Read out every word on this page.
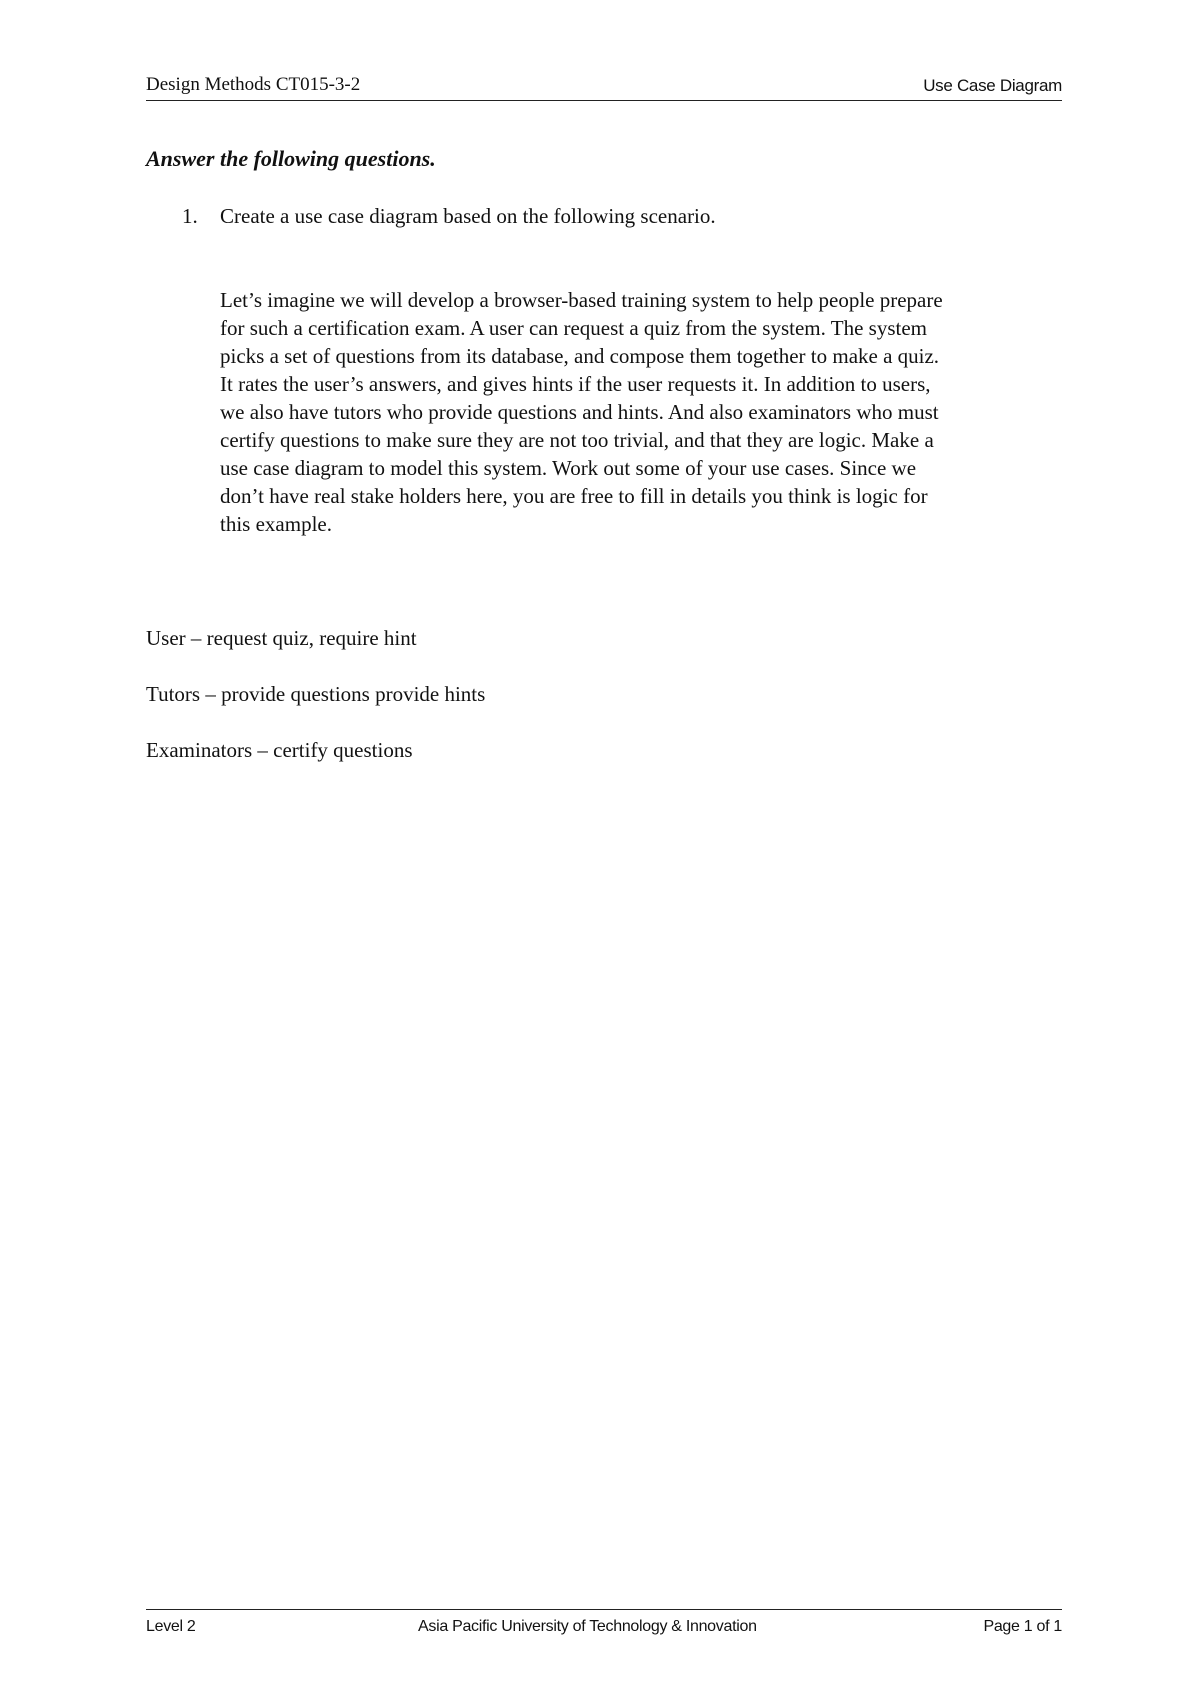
Design Methods CT015-3-2	Use Case Diagram
Answer the following questions.
1.	Create a use case diagram based on the following scenario.
Let’s imagine we will develop a browser-based training system to help people prepare
for such a certification exam. A user can request a quiz from the system. The system
picks a set of questions from its database, and compose them together to make a quiz.
It rates the user’s answers, and gives hints if the user requests it. In addition to users,
we also have tutors who provide questions and hints. And also examinators who must
certify questions to make sure they are not too trivial, and that they are logic. Make a
use case diagram to model this system. Work out some of your use cases. Since we
don’t have real stake holders here, you are free to fill in details you think is logic for
this example.
User – request quiz, require hint
Tutors – provide questions provide hints
Examinators – certify questions
Level 2	Asia Pacific University of Technology & Innovation	Page 1 of 1
